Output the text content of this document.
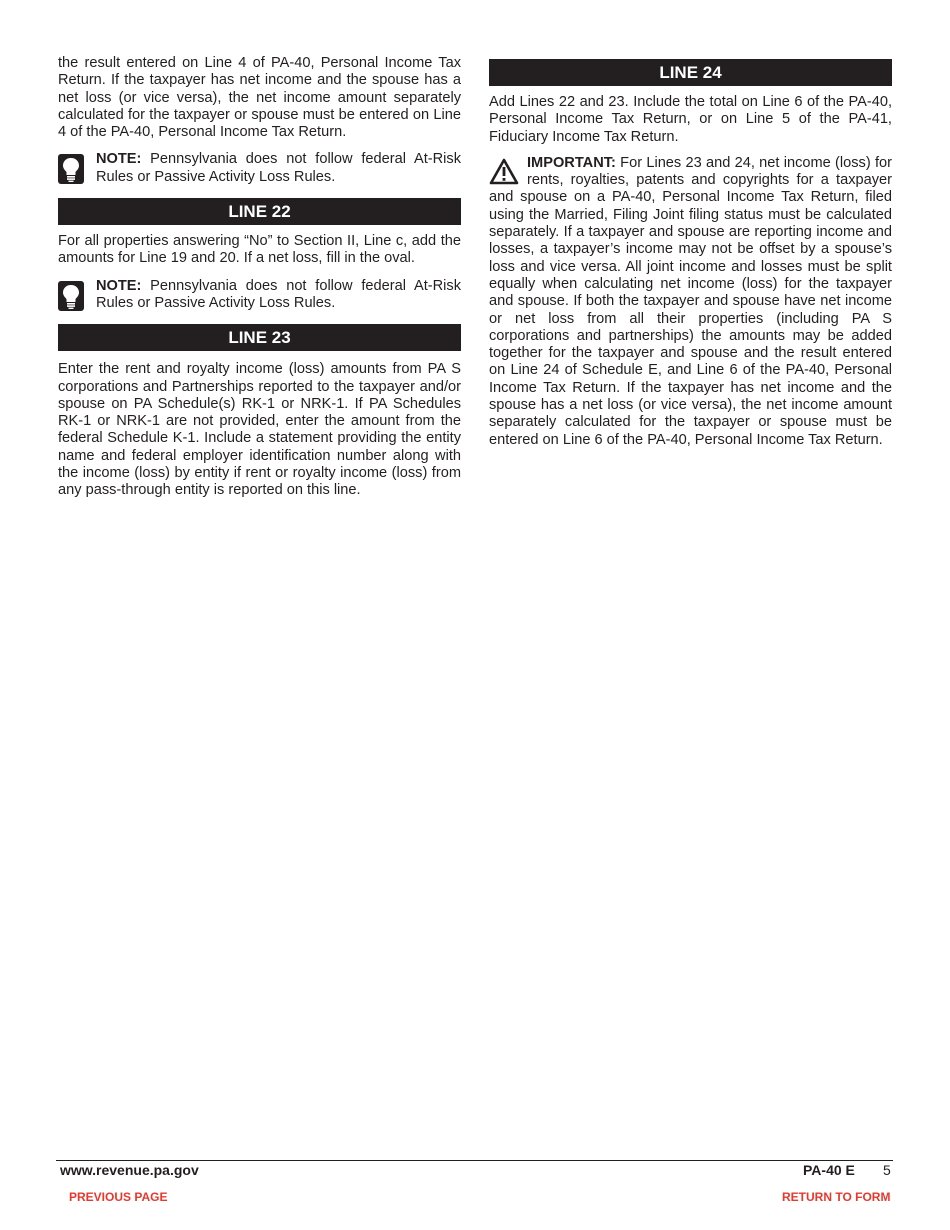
the result entered on Line 4 of PA-40, Personal Income Tax Return. If the taxpayer has net income and the spouse has a net loss (or vice versa), the net income amount separately calculated for the taxpayer or spouse must be entered on Line 4 of the PA-40, Personal Income Tax Return.

NOTE: Pennsylvania does not follow federal At-Risk Rules or Passive Activity Loss Rules.

LINE 22

For all properties answering “No” to Section II, Line c, add the amounts for Line 19 and 20. If a net loss, fill in the oval.

NOTE: Pennsylvania does not follow federal At-Risk Rules or Passive Activity Loss Rules.

LINE 23

Enter the rent and royalty income (loss) amounts from PA S corporations and Partnerships reported to the taxpayer and/or spouse on PA Schedule(s) RK-1 or NRK-1. If PA Schedules RK-1 or NRK-1 are not provided, enter the amount from the federal Schedule K-1. Include a statement providing the entity name and federal employer identification number along with the income (loss) by entity if rent or royalty income (loss) from any pass-through entity is reported on this line.

LINE 24

Add Lines 22 and 23. Include the total on Line 6 of the PA-40, Personal Income Tax Return, or on Line 5 of the PA-41, Fiduciary Income Tax Return.

IMPORTANT: For Lines 23 and 24, net income (loss) for rents, royalties, patents and copyrights for a taxpayer and spouse on a PA-40, Personal Income Tax Return, filed using the Married, Filing Joint filing status must be calculated separately. If a taxpayer and spouse are reporting income and losses, a taxpayer’s income may not be offset by a spouse’s loss and vice versa. All joint income and losses must be split equally when calculating net income (loss) for the taxpayer and spouse. If both the taxpayer and spouse have net income or net loss from all their properties (including PA S corporations and partnerships) the amounts may be added together for the taxpayer and spouse and the result entered on Line 24 of Schedule E, and Line 6 of the PA-40, Personal Income Tax Return. If the taxpayer has net income and the spouse has a net loss (or vice versa), the net income amount separately calculated for the taxpayer or spouse must be entered on Line 6 of the PA-40, Personal Income Tax Return.

www.revenue.pa.gov	PA-40 E 5
PREVIOUS PAGE	RETURN TO FORM
